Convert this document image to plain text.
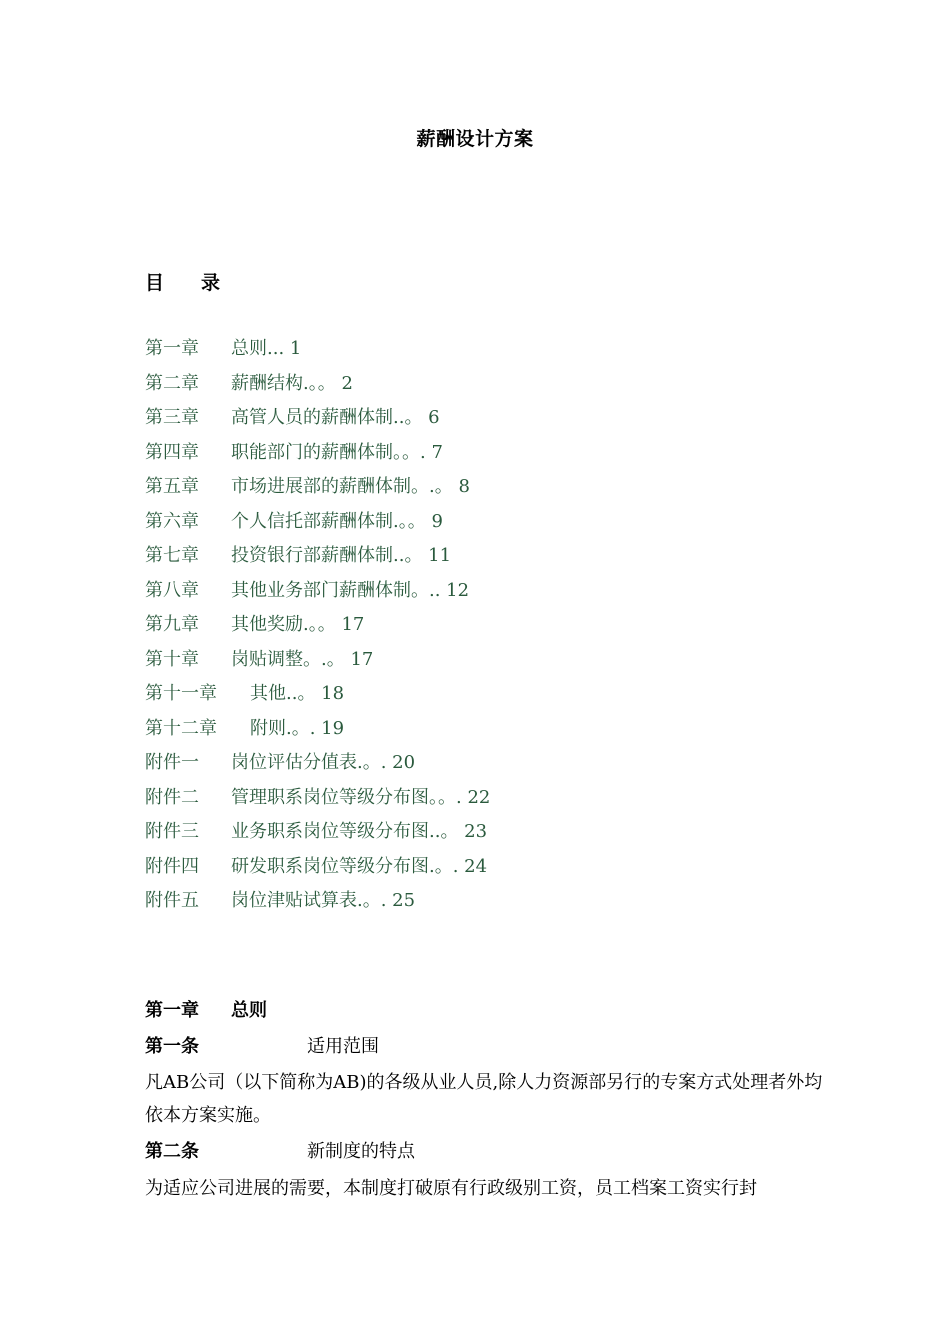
薪酬设计方案
目 录
第一章 总则... 1
第二章 薪酬结构.。。 2
第三章 高管人员的薪酬体制..。 6
第四章 职能部门的薪酬体制。。. 7
第五章 市场进展部的薪酬体制。.。 8
第六章 个人信托部薪酬体制.。。 9
第七章 投资银行部薪酬体制..。 11
第八章 其他业务部门薪酬体制。.. 12
第九章 其他奖励.。。 17
第十章 岗贴调整。.。 17
第十一章 其他..。 18
第十二章 附则.。. 19
附件一 岗位评估分值表.。. 20
附件二 管理职系岗位等级分布图。。. 22
附件三 业务职系岗位等级分布图..。 23
附件四 研发职系岗位等级分布图.。. 24
附件五 岗位津贴试算表.。. 25
第一章 总则
第一条	适用范围
凡AB公司（以下简称为AB)的各级从业人员,除人力资源部另行的专案方式处理者外均依本方案实施。
第二条	新制度的特点
为适应公司进展的需要，本制度打破原有行政级别工资，员工档案工资实行封
